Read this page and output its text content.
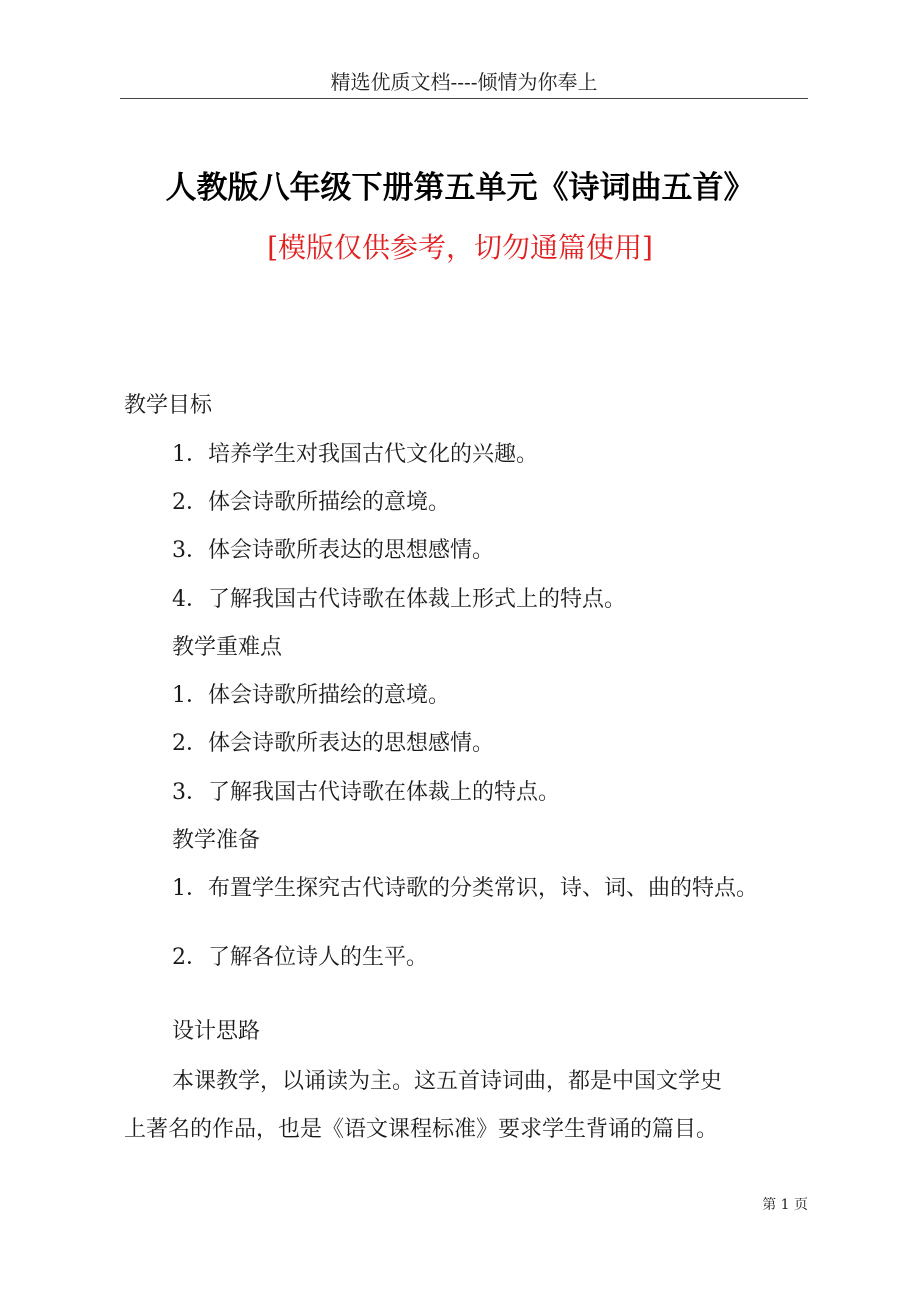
精选优质文档----倾情为你奉上
人教版八年级下册第五单元《诗词曲五首》
[模版仅供参考，切勿通篇使用]
教学目标
1．培养学生对我国古代文化的兴趣。
2．体会诗歌所描绘的意境。
3．体会诗歌所表达的思想感情。
4．了解我国古代诗歌在体裁上形式上的特点。
教学重难点
1．体会诗歌所描绘的意境。
2．体会诗歌所表达的思想感情。
3．了解我国古代诗歌在体裁上的特点。
教学准备
1．布置学生探究古代诗歌的分类常识，诗、词、曲的特点。
2．了解各位诗人的生平。
设计思路
本课教学，以诵读为主。这五首诗词曲，都是中国文学史
上著名的作品，也是《语文课程标准》要求学生背诵的篇目。
第 1 页
